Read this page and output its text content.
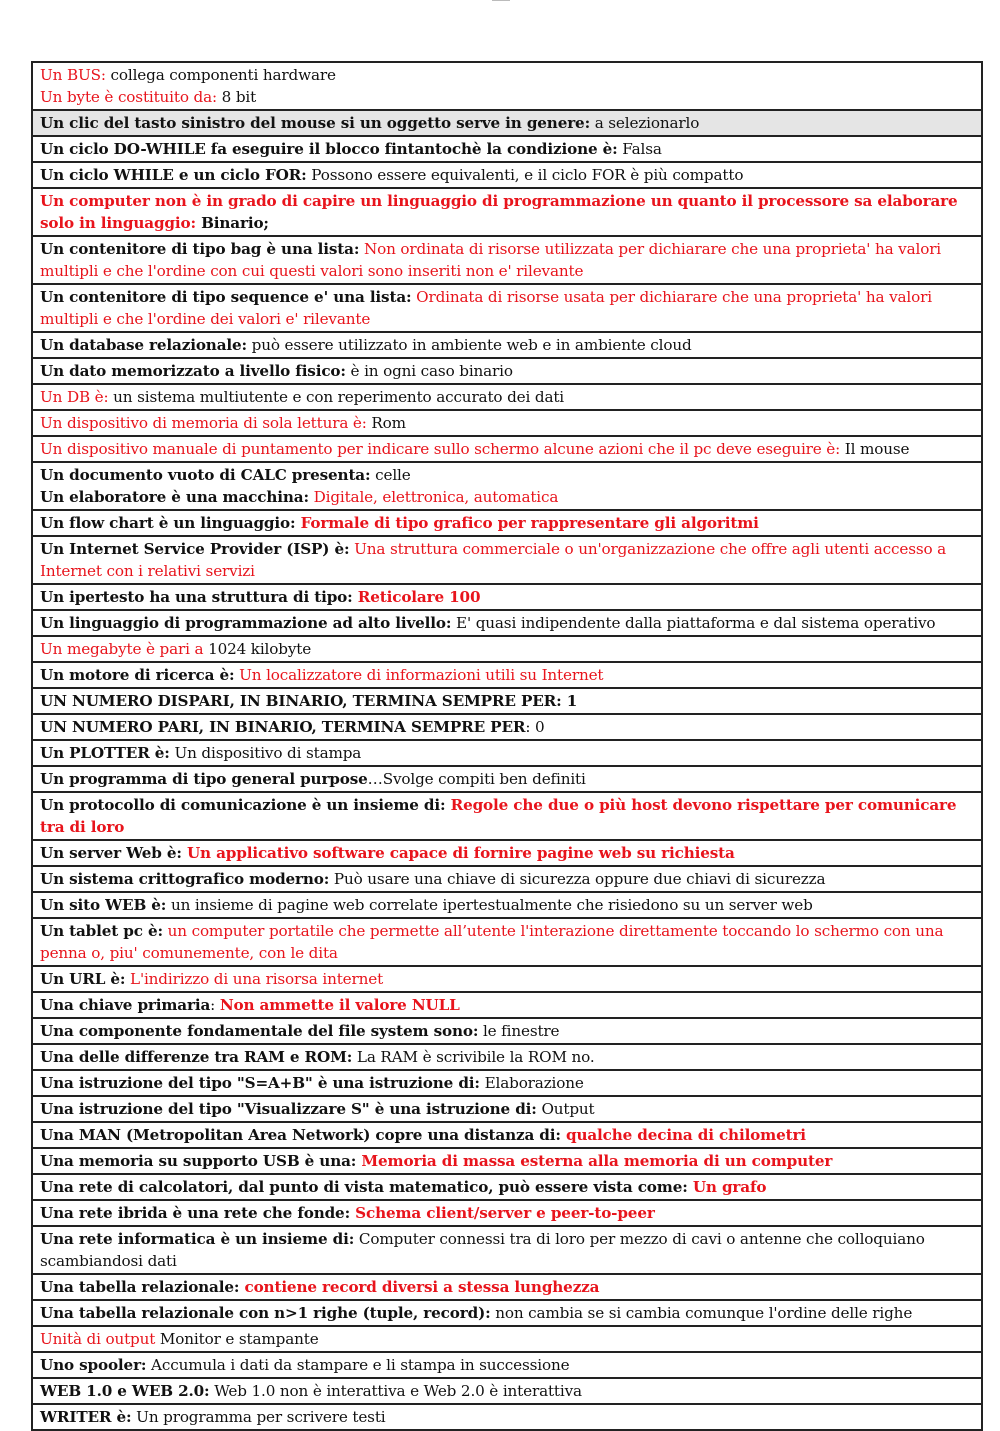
Un BUS: collega componenti hardware
Un byte è costituito da: 8 bit

Un clic del tasto sinistro del mouse si un oggetto serve in genere: a selezionarlo

Un ciclo DO-WHILE fa eseguire il blocco fintantochè la condizione è: Falsa

Un ciclo WHILE e un ciclo FOR: Possono essere equivalenti, e il ciclo FOR è più compatto

Un computer non è in grado di capire un linguaggio di programmazione un quanto il processore sa elaborare solo in linguaggio: Binario;

Un contenitore di tipo bag è una lista: Non ordinata di risorse utilizzata per dichiarare che una proprieta' ha valori multipli e che l'ordine con cui questi valori sono inseriti non e' rilevante

Un contenitore di tipo sequence e' una lista: Ordinata di risorse usata per dichiarare che una proprieta' ha valori multipli e che l'ordine dei valori e' rilevante

Un database relazionale: può essere utilizzato in ambiente web e in ambiente cloud

Un dato memorizzato a livello fisico: è in ogni caso binario

Un DB è: un sistema multiutente e con reperimento accurato dei dati

Un dispositivo di memoria di sola lettura è: Rom

Un dispositivo manuale di puntamento per indicare sullo schermo alcune azioni che il pc deve eseguire è: Il mouse

Un documento vuoto di CALC presenta: celle
Un elaboratore è una macchina: Digitale, elettronica, automatica

Un flow chart è un linguaggio: Formale di tipo grafico per rappresentare gli algoritmi

Un Internet Service Provider (ISP) è: Una struttura commerciale o un'organizzazione che offre agli utenti accesso a Internet con i relativi servizi

Un ipertesto ha una struttura di tipo: Reticolare 100

Un linguaggio di programmazione ad alto livello: E' quasi indipendente dalla piattaforma e dal sistema operativo

Un megabyte è pari a 1024 kilobyte

Un motore di ricerca è: Un localizzatore di informazioni utili su Internet

UN NUMERO DISPARI, IN BINARIO, TERMINA SEMPRE PER: 1

UN NUMERO PARI, IN BINARIO, TERMINA SEMPRE PER: 0

Un PLOTTER è: Un dispositivo di stampa

Un programma di tipo general purpose…Svolge compiti ben definiti

Un protocollo di comunicazione è un insieme di: Regole che due o più host devono rispettare per comunicare tra di loro

Un server Web è: Un applicativo software capace di fornire pagine web su richiesta

Un sistema crittografico moderno: Può usare una chiave di sicurezza oppure due chiavi di sicurezza

Un sito WEB è: un insieme di pagine web correlate ipertestualmente che risiedono su un server web

Un tablet pc è: un computer portatile che permette all’utente l'interazione direttamente toccando lo schermo con una penna o, piu' comunemente, con le dita

Un URL è: L'indirizzo di una risorsa internet

Una chiave primaria: Non ammette il valore NULL

Una componente fondamentale del file system sono: le finestre

Una delle differenze tra RAM e ROM: La RAM è scrivibile la ROM no.

Una istruzione del tipo "S=A+B" è una istruzione di: Elaborazione

Una istruzione del tipo "Visualizzare S" è una istruzione di: Output

Una MAN (Metropolitan Area Network) copre una distanza di: qualche decina di chilometri

Una memoria su supporto USB è una: Memoria di massa esterna alla memoria di un computer

Una rete di calcolatori, dal punto di vista matematico, può essere vista come: Un grafo

Una rete ibrida è una rete che fonde: Schema client/server e peer-to-peer

Una rete informatica è un insieme di: Computer connessi tra di loro per mezzo di cavi o antenne che colloquiano scambiandosi dati

Una tabella relazionale: contiene record diversi a stessa lunghezza

Una tabella relazionale con n>1 righe (tuple, record): non cambia se si cambia comunque l'ordine delle righe

Unità di output Monitor e stampante

Uno spooler: Accumula i dati da stampare e li stampa in successione

WEB 1.0 e WEB 2.0: Web 1.0 non è interattiva e Web 2.0 è interattiva

WRITER è: Un programma per scrivere testi
